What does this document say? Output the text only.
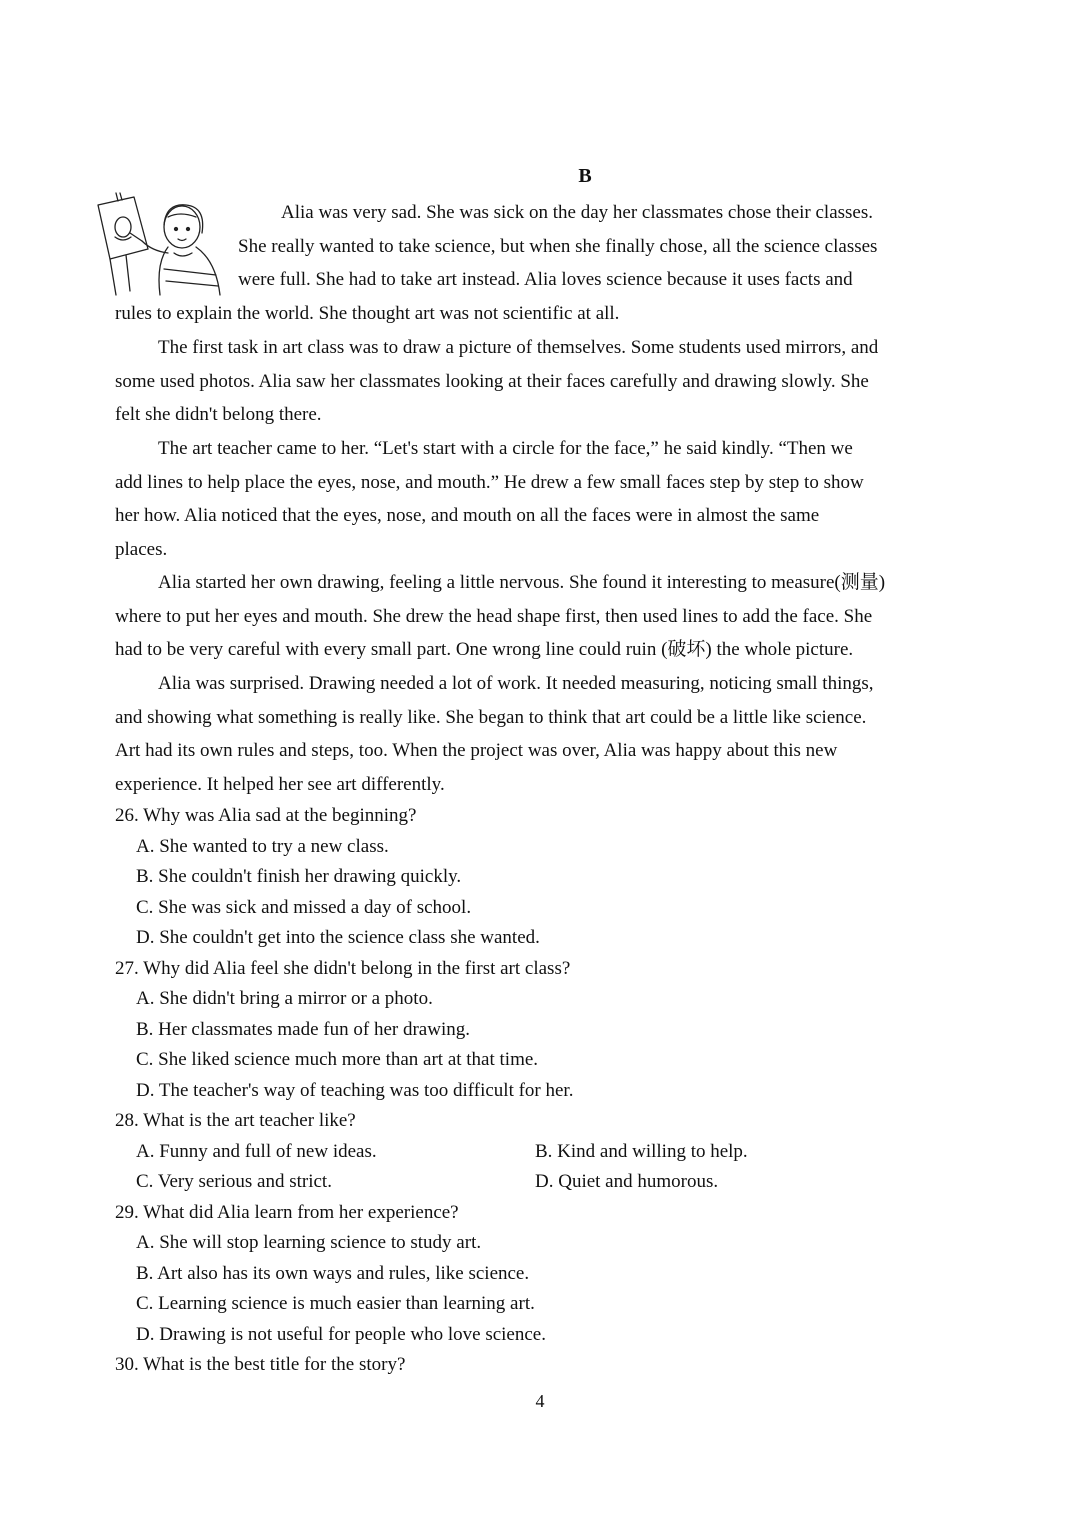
B
Alia was very sad. She was sick on the day her classmates chose their classes.
She really wanted to take science, but when she finally chose, all the science classes
were full. She had to take art instead. Alia loves science because it uses facts and
rules to explain the world. She thought art was not scientific at all.
The first task in art class was to draw a picture of themselves. Some students used mirrors, and
some used photos. Alia saw her classmates looking at their faces carefully and drawing slowly. She
felt she didn't belong there.
The art teacher came to her. “Let's start with a circle for the face,” he said kindly. “Then we
add lines to help place the eyes, nose, and mouth.” He drew a few small faces step by step to show
her how. Alia noticed that the eyes, nose, and mouth on all the faces were in almost the same
places.
Alia started her own drawing, feeling a little nervous. She found it interesting to measure(测量)
where to put her eyes and mouth. She drew the head shape first, then used lines to add the face. She
had to be very careful with every small part. One wrong line could ruin (破坏) the whole picture.
Alia was surprised. Drawing needed a lot of work. It needed measuring, noticing small things,
and showing what something is really like. She began to think that art could be a little like science.
Art had its own rules and steps, too. When the project was over, Alia was happy about this new
experience. It helped her see art differently.
26. Why was Alia sad at the beginning?
A. She wanted to try a new class.
B. She couldn't finish her drawing quickly.
C. She was sick and missed a day of school.
D. She couldn't get into the science class she wanted.
27. Why did Alia feel she didn't belong in the first art class?
A. She didn't bring a mirror or a photo.
B. Her classmates made fun of her drawing.
C. She liked science much more than art at that time.
D. The teacher's way of teaching was too difficult for her.
28. What is the art teacher like?
A. Funny and full of new ideas.	B. Kind and willing to help.
C. Very serious and strict.	D. Quiet and humorous.
29. What did Alia learn from her experience?
A. She will stop learning science to study art.
B. Art also has its own ways and rules, like science.
C. Learning science is much easier than learning art.
D. Drawing is not useful for people who love science.
30. What is the best title for the story?
4
